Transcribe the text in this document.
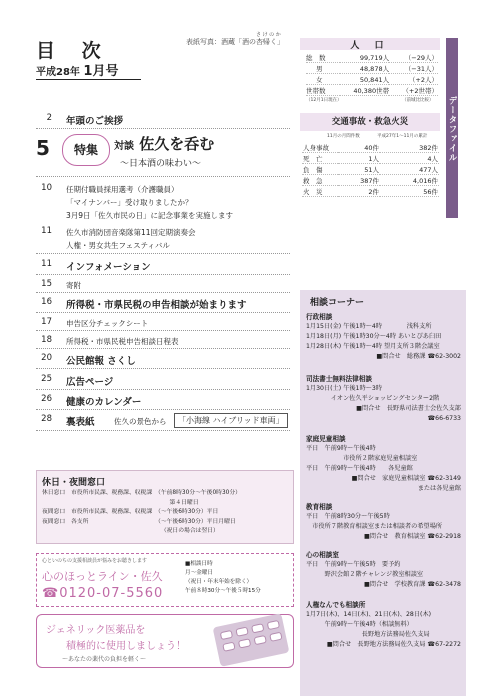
目 次
平成28年 1月号
表紙写真：酒蔵「酒の杏帰く」
さ け の か
2 年頭のご挨拶
5	特集	対談 佐久を呑む
〜日本酒の味わい〜
10 任期付職員採用選考（介護職員）
「マイナンバー」受け取りましたか？
3月9日「佐久市民の日」に記念事業を実施します
11 佐久市消防団音楽隊第11回定期演奏会
人権・男女共生フェスティバル
11 インフォメーション
15 寄附
16 所得税・市県民税の申告相談が始まります
17 申告区分チェックシート
18 所得税・市県民税申告相談日程表
20 公民館報 さくし
25 広告ページ
26 健康のカレンダー
28 裏表紙	佐久の景色から	「小海線 ハイブリッド車両」
データファイル
人 口
総　数	99,719人	（−29人）
男	48,878人	（−31人）
女	50,841人	（+2人）
世帯数	40,380世帯	（+2世帯）
（12月1日現在）	（前城比比較）
交通事故・救急火災
11月の月間件数	平成27年1〜11月の累計
人身事故	40件	382件
死　亡	1人	4人
負　傷	51人	477人
救　急	387件	4,016件
火　災	2件	56件
相談コーナー
行政相談
1月15日(金) 午後1時〜4時　　　　浅科支所
1月18日(月) 午後1時30分〜4時 あいとぴあ臼田
1月28日(木) 午後1時〜4時 望月支所３階会議室
■問合せ　総務課 ☎62-3002
司法書士無料法律相談
1月30日(土) 午後1時〜3時
　　　　イオン佐久平ショッピングセンター2階
■問合せ　長野県司法書士会佐久支部
☎66-6733
家庭児童相談
平日　午前9時〜午後4時
　　　　　　市役所２階家庭児童相談室
平日　午前9時〜午後4時　　各児童館
■問合せ　家庭児童相談室 ☎62-3149
または各児童館
教育相談
平日　午前8時30分〜午後5時
　市役所７階教育相談室または相談者の希望場所
■問合せ　教育相談室 ☎62-2918
心の相談室
平日　午前9時〜午後5時　要予約
　　　野沢会館２階チャレンジ教室相談室
■問合せ　学校教育課 ☎62-3478
人権なんでも相談所
1月7日(木)、14日(木)、21日(木)、28日(木)
　　　午前9時〜午後4時（相談無料）
　　　　　　　　　長野地方法務局佐久支局
■問合せ　長野地方法務局佐久支局 ☎67-2272
休日・夜間窓口
休日窓口　市役所市民課、税務課、収税課　（午前8時30分〜午後0時30分）
　　　　　　　　　　　　　　　　　　　　　　第４日曜日
夜間窓口　市役所市民課、税務課、収税課　（〜午後6時30分）平日
夜間窓口　各支所　　　　　　　　　　　　（〜午後6時30分）平日月曜日
　　　　　　　　　　　　　　　　　　　　　（祝日の場合は翌日）
心といのちの支援相談員が悩みをお聴きします
心のほっとライン・佐久
☎0120-07-5560
■相談日時
月〜金曜日
（祝日・年末年始を除く）
午前８時30分〜午後５時15分
ジェネリック医薬品を
積極的に使用しましょう！
〜あなたの薬代の負担を軽く〜
